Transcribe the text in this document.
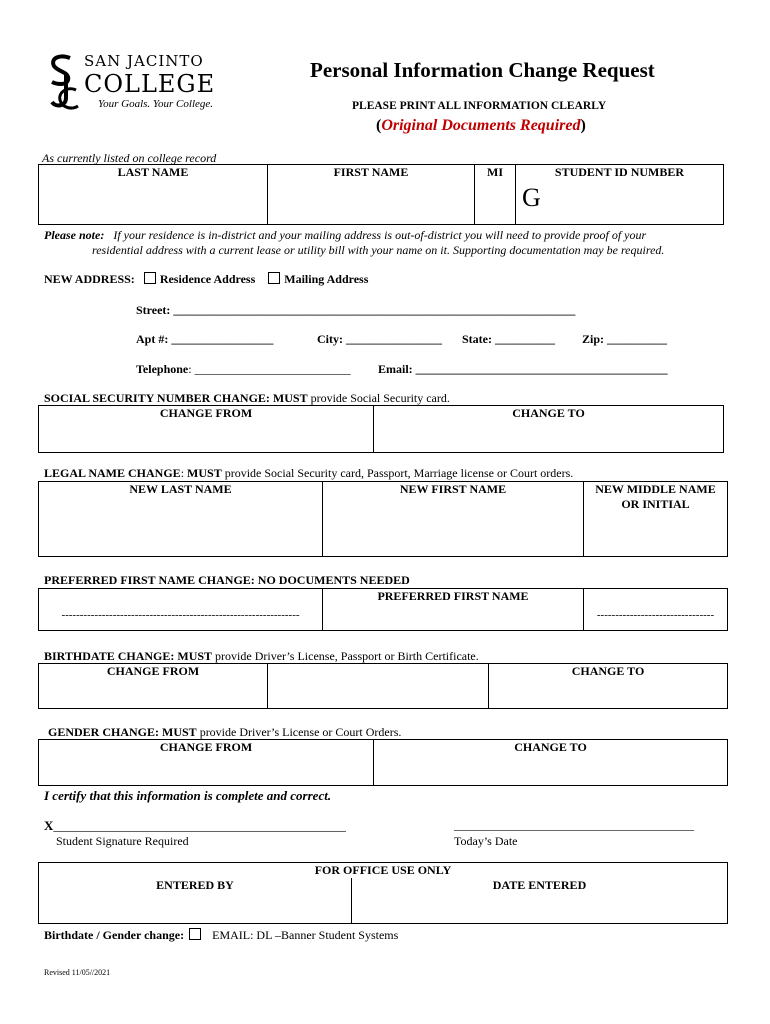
SAN JACINTO
COLLEGE
Your Goals. Your College.
Personal Information Change Request
PLEASE PRINT ALL INFORMATION CLEARLY
(Original Documents Required)
As currently listed on college record
LAST NAME	FIRST NAME	MI	STUDENT ID NUMBER
			G
Please note: If your residence is in-district and your mailing address is out-of-district you will need to provide proof of your
residential address with a current lease or utility bill with your name on it. Supporting documentation may be required.
NEW ADDRESS: Residence Address Mailing Address
Street: ___________________________________________________________________
Apt #: _________________	City: ________________ State: __________ Zip: __________
Telephone: __________________________ Email: __________________________________________
SOCIAL SECURITY NUMBER CHANGE: MUST provide Social Security card.
CHANGE FROM	CHANGE TO

LEGAL NAME CHANGE: MUST provide Social Security card, Passport, Marriage license or Court orders.
NEW LAST NAME	NEW FIRST NAME	NEW MIDDLE NAME
OR INITIAL

PREFERRED FIRST NAME CHANGE: NO DOCUMENTS NEEDED
-----------------------------------------------------------------	PREFERRED FIRST NAME	--------------------------------
BIRTHDATE CHANGE: MUST provide Driver’s License, Passport or Birth Certificate.
CHANGE FROM		CHANGE TO

GENDER CHANGE: MUST provide Driver’s License or Court Orders.
CHANGE FROM	CHANGE TO

I certify that this information is complete and correct.
X_____________________________________________
Student Signature Required
________________________________________
Today’s Date
FOR OFFICE USE ONLY	
ENTERED BY	DATE ENTERED

Birthdate / Gender change: EMAIL: DL –Banner Student Systems
Revised 11/05//2021
